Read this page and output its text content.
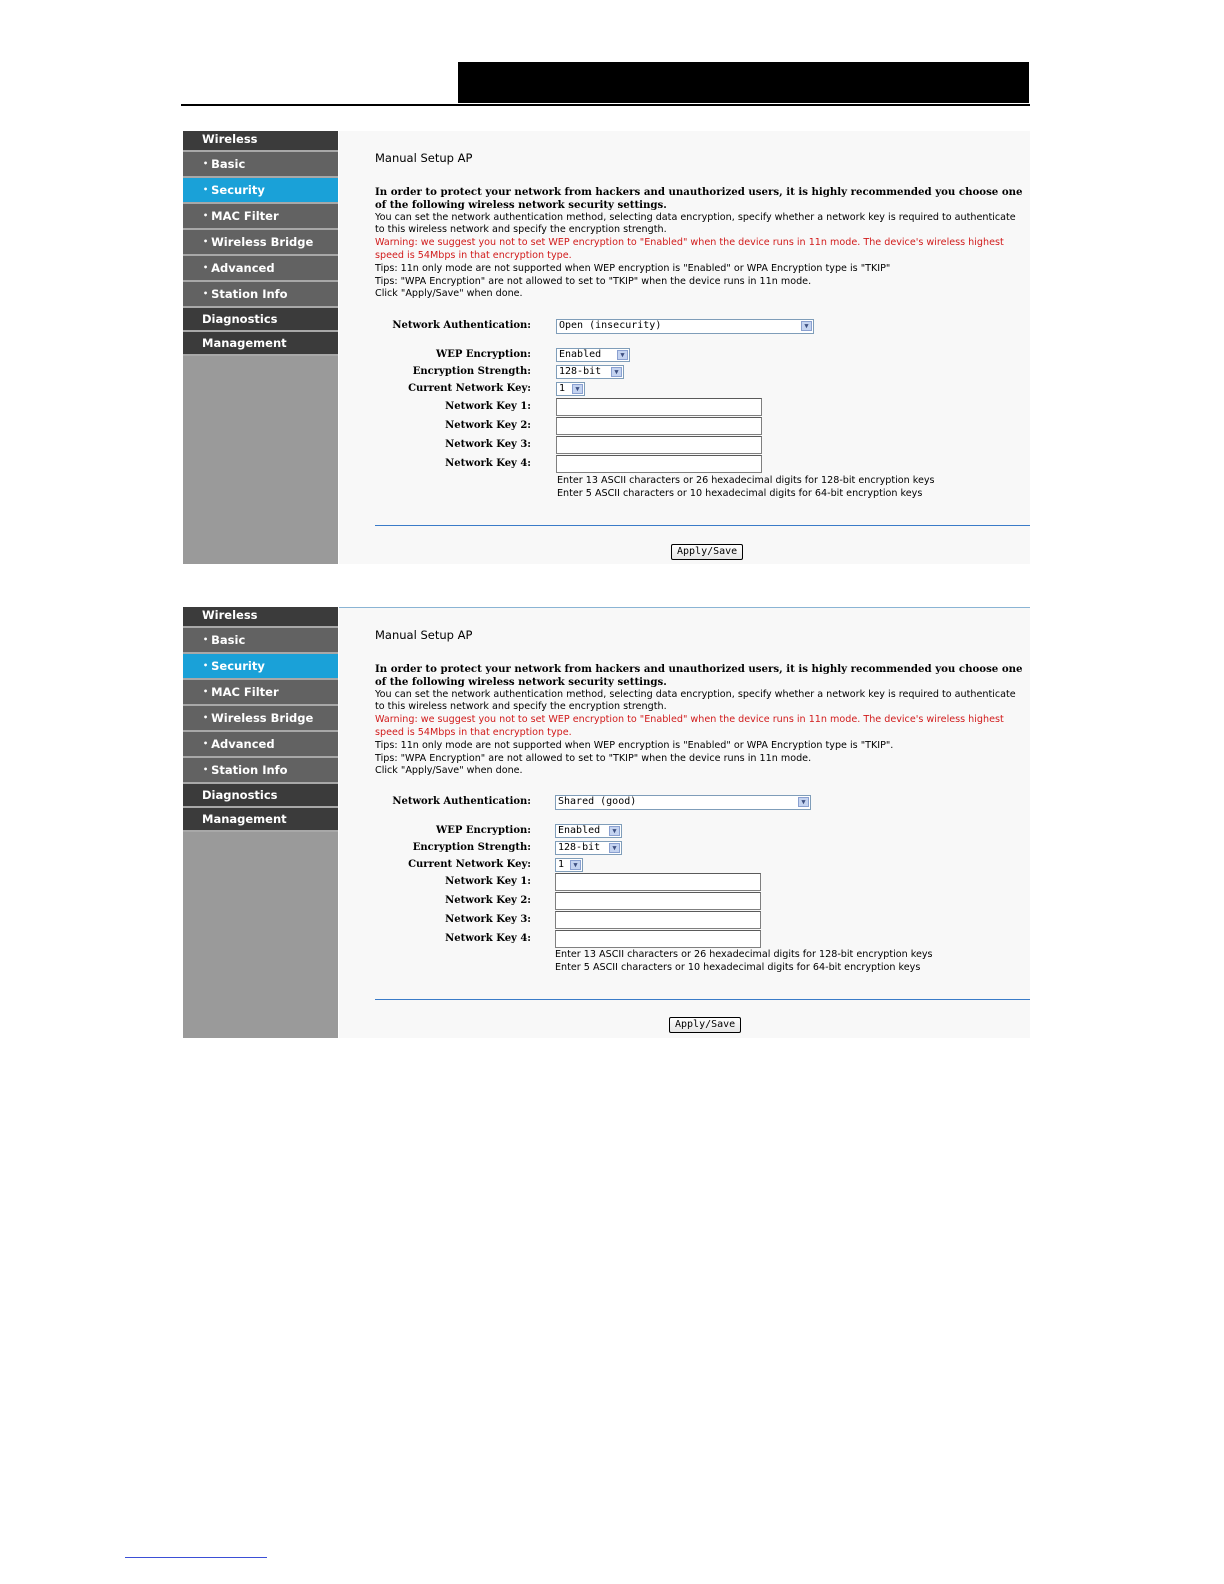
Wireless
• Basic
• Security
• MAC Filter
• Wireless Bridge
• Advanced
• Station Info
Diagnostics
Management
Manual Setup AP
In order to protect your network from hackers and unauthorized users, it is highly recommended you choose one of the following wireless network security settings.
You can set the network authentication method, selecting data encryption, specify whether a network key is required to authenticate to this wireless network and specify the encryption strength.
Warning: we suggest you not to set WEP encryption to "Enabled" when the device runs in 11n mode. The device's wireless highest speed is 54Mbps in that encryption type.
Tips: 11n only mode are not supported when WEP encryption is "Enabled" or WPA Encryption type is "TKIP"
Tips: "WPA Encryption" are not allowed to set to "TKIP" when the device runs in 11n mode.
Click "Apply/Save" when done.
Network Authentication:	Open (insecurity)	▼
WEP Encryption:	Enabled	▼
Encryption Strength:	128-bit	▼
Current Network Key:	1	▼
Network Key 1:
Network Key 2:
Network Key 3:
Network Key 4:
Enter 13 ASCII characters or 26 hexadecimal digits for 128-bit encryption keys
Enter 5 ASCII characters or 10 hexadecimal digits for 64-bit encryption keys
Apply/Save
Wireless
• Basic
• Security
• MAC Filter
• Wireless Bridge
• Advanced
• Station Info
Diagnostics
Management
Manual Setup AP
In order to protect your network from hackers and unauthorized users, it is highly recommended you choose one of the following wireless network security settings.
You can set the network authentication method, selecting data encryption, specify whether a network key is required to authenticate to this wireless network and specify the encryption strength.
Warning: we suggest you not to set WEP encryption to "Enabled" when the device runs in 11n mode. The device's wireless highest speed is 54Mbps in that encryption type.
Tips: 11n only mode are not supported when WEP encryption is "Enabled" or WPA Encryption type is "TKIP".
Tips: "WPA Encryption" are not allowed to set to "TKIP" when the device runs in 11n mode.
Click "Apply/Save" when done.
Network Authentication:	Shared (good)	▼
WEP Encryption:	Enabled	▼
Encryption Strength:	128-bit	▼
Current Network Key:	1	▼
Network Key 1:
Network Key 2:
Network Key 3:
Network Key 4:
Enter 13 ASCII characters or 26 hexadecimal digits for 128-bit encryption keys
Enter 5 ASCII characters or 10 hexadecimal digits for 64-bit encryption keys
Apply/Save
